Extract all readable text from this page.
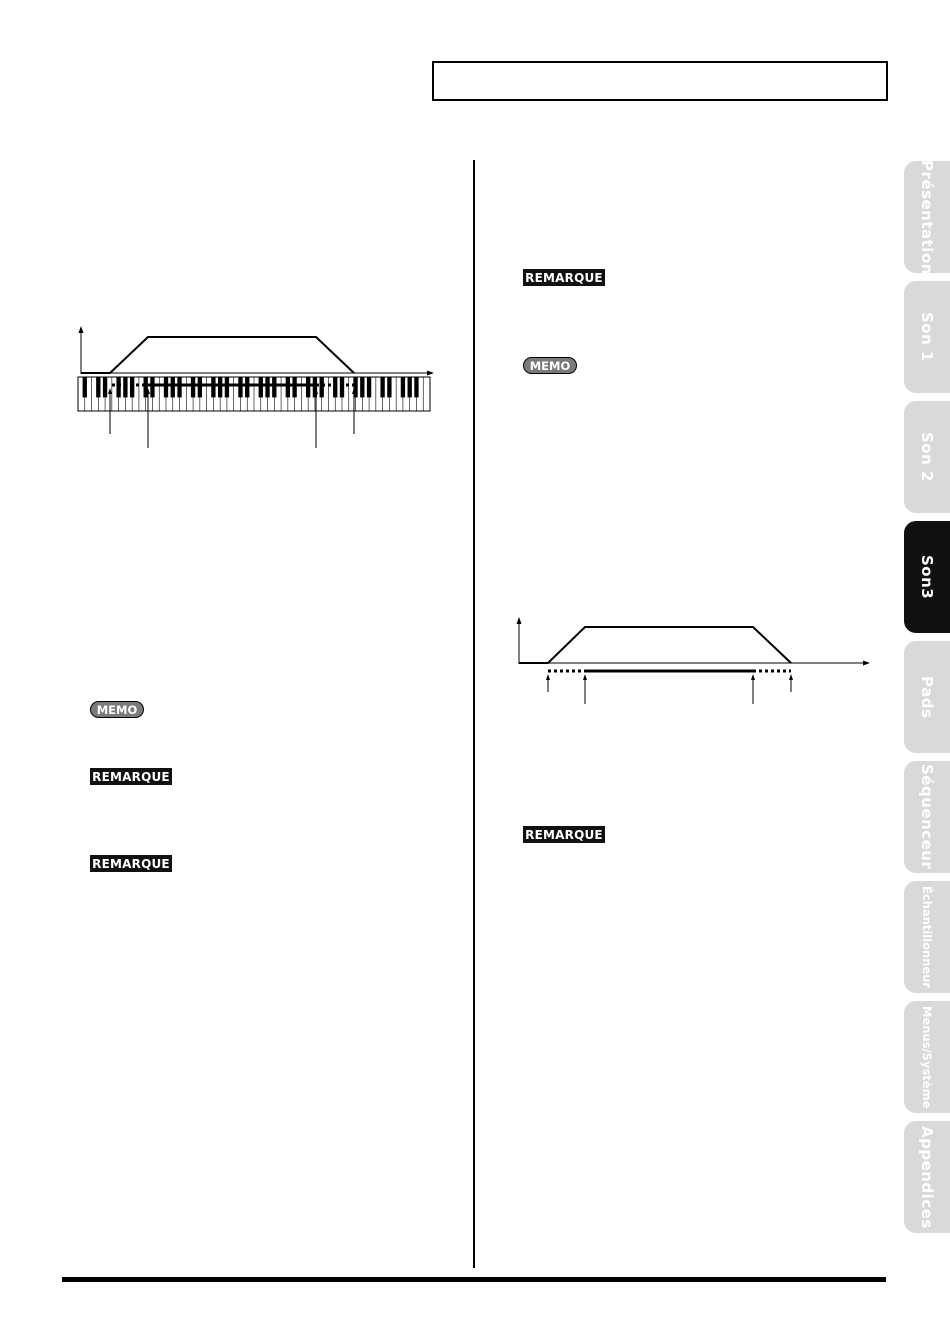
MEMO
REMARQUE
REMARQUE
REMARQUE
MEMO
REMARQUE
Présentation
Son 1
Son 2
Son3
Pads
Séquenceur
Échantillonneur
Menus/Système
Appendices
